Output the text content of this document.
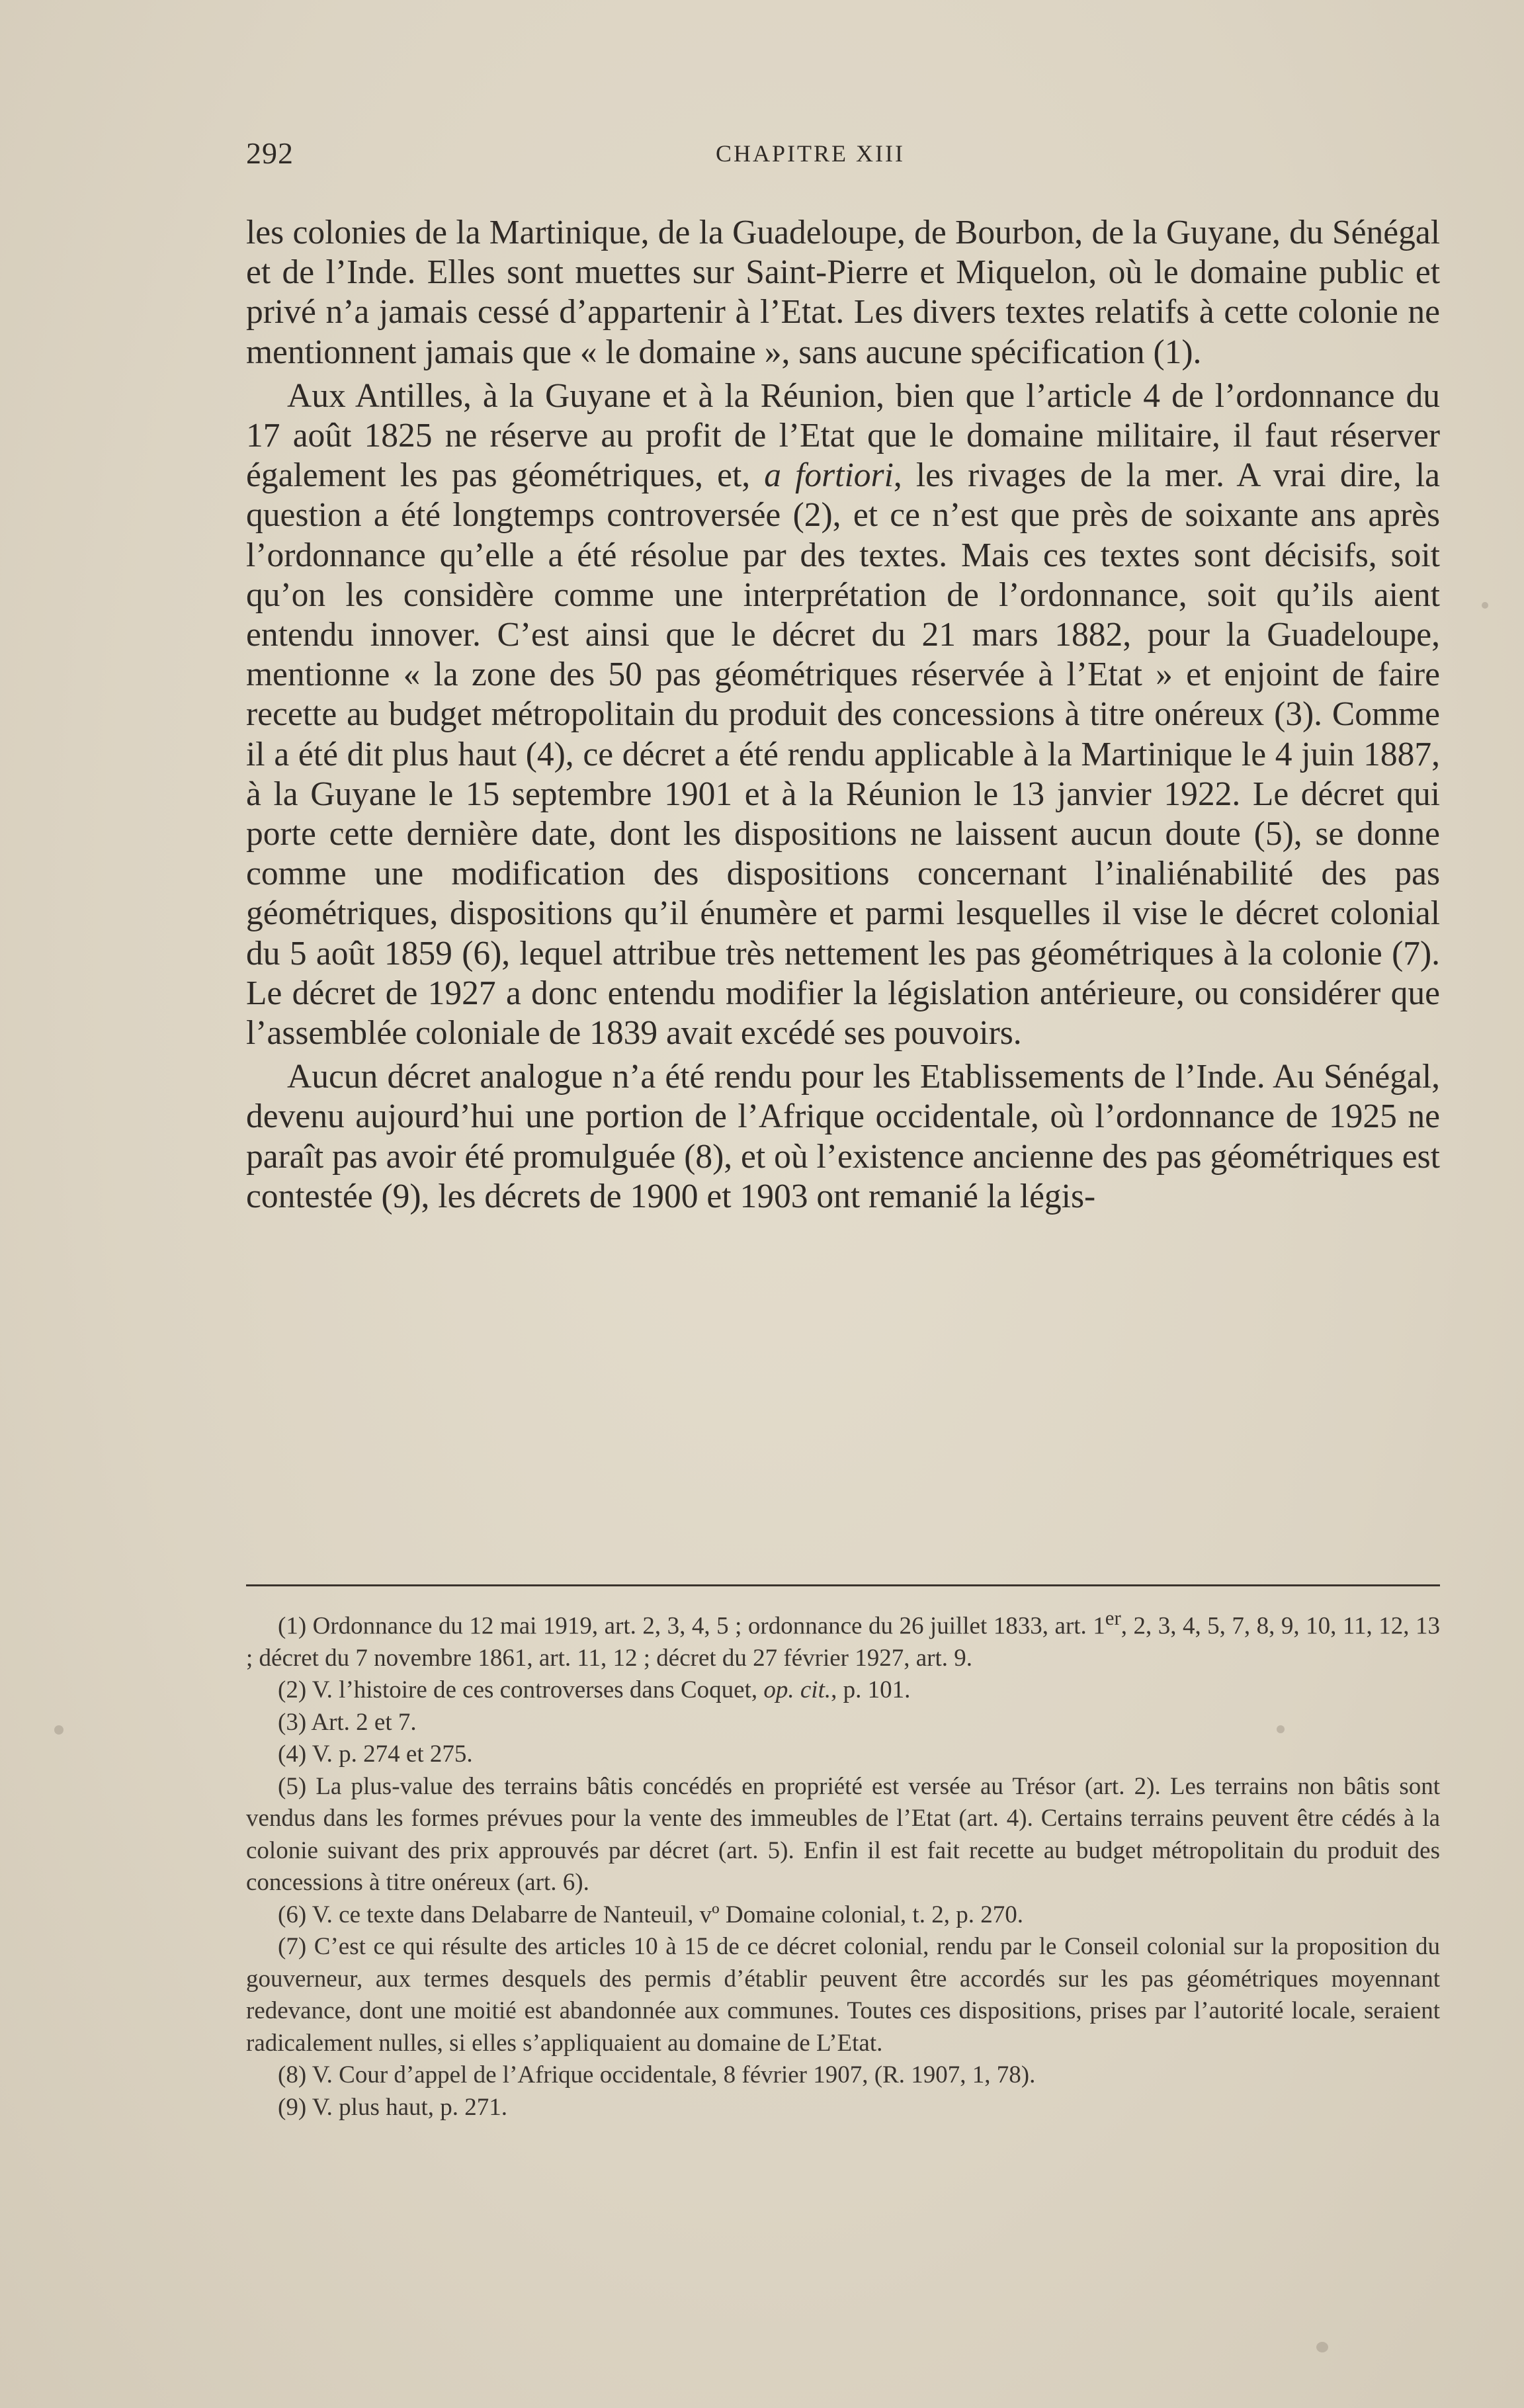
292	CHAPITRE XIII

les colonies de la Martinique, de la Guadeloupe, de Bourbon, de la Guyane, du Sénégal et de l’Inde. Elles sont muettes sur Saint-Pierre et Miquelon, où le domaine public et privé n’a jamais cessé d’appartenir à l’Etat. Les divers textes relatifs à cette colonie ne mentionnent jamais que « le domaine », sans aucune spécification (1).

Aux Antilles, à la Guyane et à la Réunion, bien que l’article 4 de l’ordonnance du 17 août 1825 ne réserve au profit de l’Etat que le domaine militaire, il faut réserver également les pas géométriques, et, a fortiori, les rivages de la mer. A vrai dire, la question a été longtemps controversée (2), et ce n’est que près de soixante ans après l’ordonnance qu’elle a été résolue par des textes. Mais ces textes sont décisifs, soit qu’on les considère comme une interprétation de l’ordonnance, soit qu’ils aient entendu innover. C’est ainsi que le décret du 21 mars 1882, pour la Guadeloupe, mentionne « la zone des 50 pas géométriques réservée à l’Etat » et enjoint de faire recette au budget métropolitain du produit des concessions à titre onéreux (3). Comme il a été dit plus haut (4), ce décret a été rendu applicable à la Martinique le 4 juin 1887, à la Guyane le 15 septembre 1901 et à la Réunion le 13 janvier 1922. Le décret qui porte cette dernière date, dont les dispositions ne laissent aucun doute (5), se donne comme une modification des dispositions concernant l’inaliénabilité des pas géométriques, dispositions qu’il énumère et parmi lesquelles il vise le décret colonial du 5 août 1859 (6), lequel attribue très nettement les pas géométriques à la colonie (7). Le décret de 1927 a donc entendu modifier la législation antérieure, ou considérer que l’assemblée coloniale de 1839 avait excédé ses pouvoirs.

Aucun décret analogue n’a été rendu pour les Etablissements de l’Inde. Au Sénégal, devenu aujourd’hui une portion de l’Afrique occidentale, où l’ordonnance de 1925 ne paraît pas avoir été promulguée (8), et où l’existence ancienne des pas géométriques est contestée (9), les décrets de 1900 et 1903 ont remanié la légis-

(1) Ordonnance du 12 mai 1919, art. 2, 3, 4, 5 ; ordonnance du 26 juillet 1833, art. 1er, 2, 3, 4, 5, 7, 8, 9, 10, 11, 12, 13 ; décret du 7 novembre 1861, art. 11, 12 ; décret du 27 février 1927, art. 9.

(2) V. l’histoire de ces controverses dans Coquet, op. cit., p. 101.

(3) Art. 2 et 7.

(4) V. p. 274 et 275.

(5) La plus-value des terrains bâtis concédés en propriété est versée au Trésor (art. 2). Les terrains non bâtis sont vendus dans les formes prévues pour la vente des immeubles de l’Etat (art. 4). Certains terrains peuvent être cédés à la colonie suivant des prix approuvés par décret (art. 5). Enfin il est fait recette au budget métropolitain du produit des concessions à titre onéreux (art. 6).

(6) V. ce texte dans Delabarre de Nanteuil, vº Domaine colonial, t. 2, p. 270.

(7) C’est ce qui résulte des articles 10 à 15 de ce décret colonial, rendu par le Conseil colonial sur la proposition du gouverneur, aux termes desquels des permis d’établir peuvent être accordés sur les pas géométriques moyennant redevance, dont une moitié est abandonnée aux communes. Toutes ces dispositions, prises par l’autorité locale, seraient radicalement nulles, si elles s’appliquaient au domaine de L’Etat.

(8) V. Cour d’appel de l’Afrique occidentale, 8 février 1907, (R. 1907, 1, 78).

(9) V. plus haut, p. 271.
